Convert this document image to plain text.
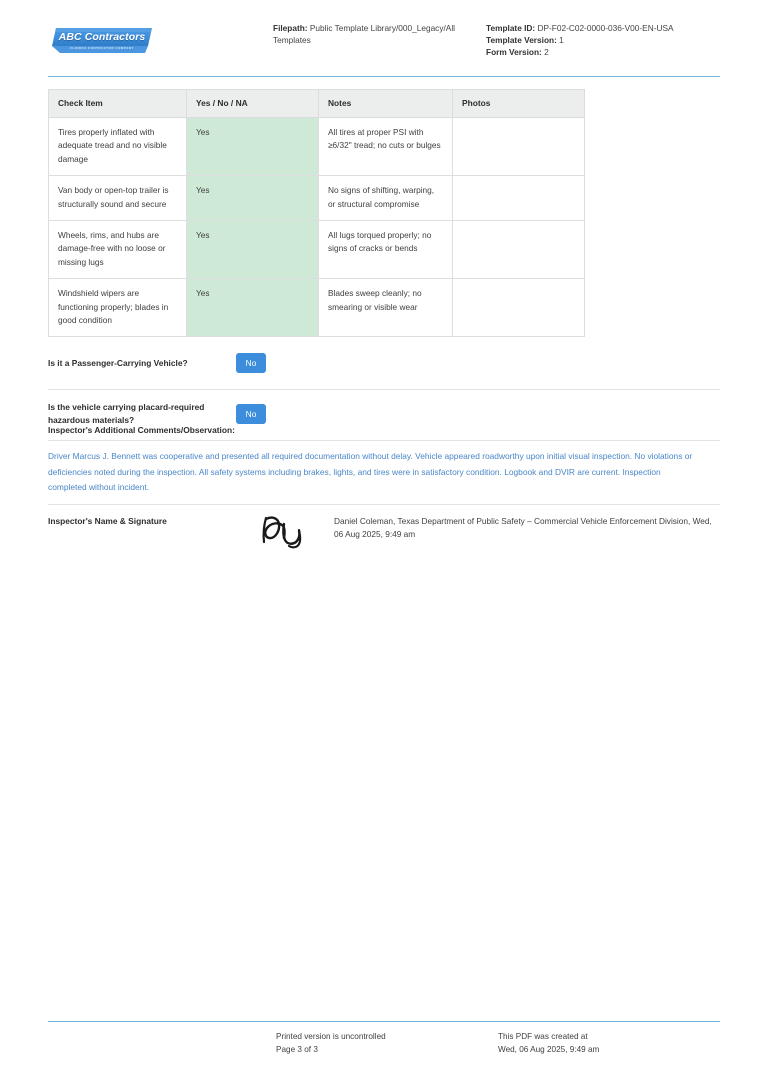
ABC Contractors
FLORIDA CONTRACTOR COMPANY
Filepath: Public Template Library/000_Legacy/All Templates
Template ID: DP-F02-C02-0000-036-V00-EN-USA
Template Version: 1
Form Version: 2
Check Item	Yes / No / NA	Notes	Photos
Tires properly inflated with adequate tread and no visible damage	Yes	All tires at proper PSI with ≥6/32" tread; no cuts or bulges	
Van body or open-top trailer is structurally sound and secure	Yes	No signs of shifting, warping, or structural compromise	
Wheels, rims, and hubs are damage-free with no loose or missing lugs	Yes	All lugs torqued properly; no signs of cracks or bends	
Windshield wipers are functioning properly; blades in good condition	Yes	Blades sweep cleanly; no smearing or visible wear	
Is it a Passenger-Carrying Vehicle?	No
Is the vehicle carrying placard-required hazardous materials?
No
Inspector's Additional Comments/Observation:
Driver Marcus J. Bennett was cooperative and presented all required documentation without delay. Vehicle appeared roadworthy upon initial visual inspection. No violations or deficiencies noted during the inspection. All safety systems including brakes, lights, and tires were in satisfactory condition. Logbook and DVIR are current. Inspection completed without incident.
Inspector's Name & Signature	Daniel Coleman, Texas Department of Public Safety – Commercial Vehicle Enforcement Division, Wed, 06 Aug 2025, 9:49 am
Printed version is uncontrolled
Page 3 of 3
This PDF was created at
Wed, 06 Aug 2025, 9:49 am
